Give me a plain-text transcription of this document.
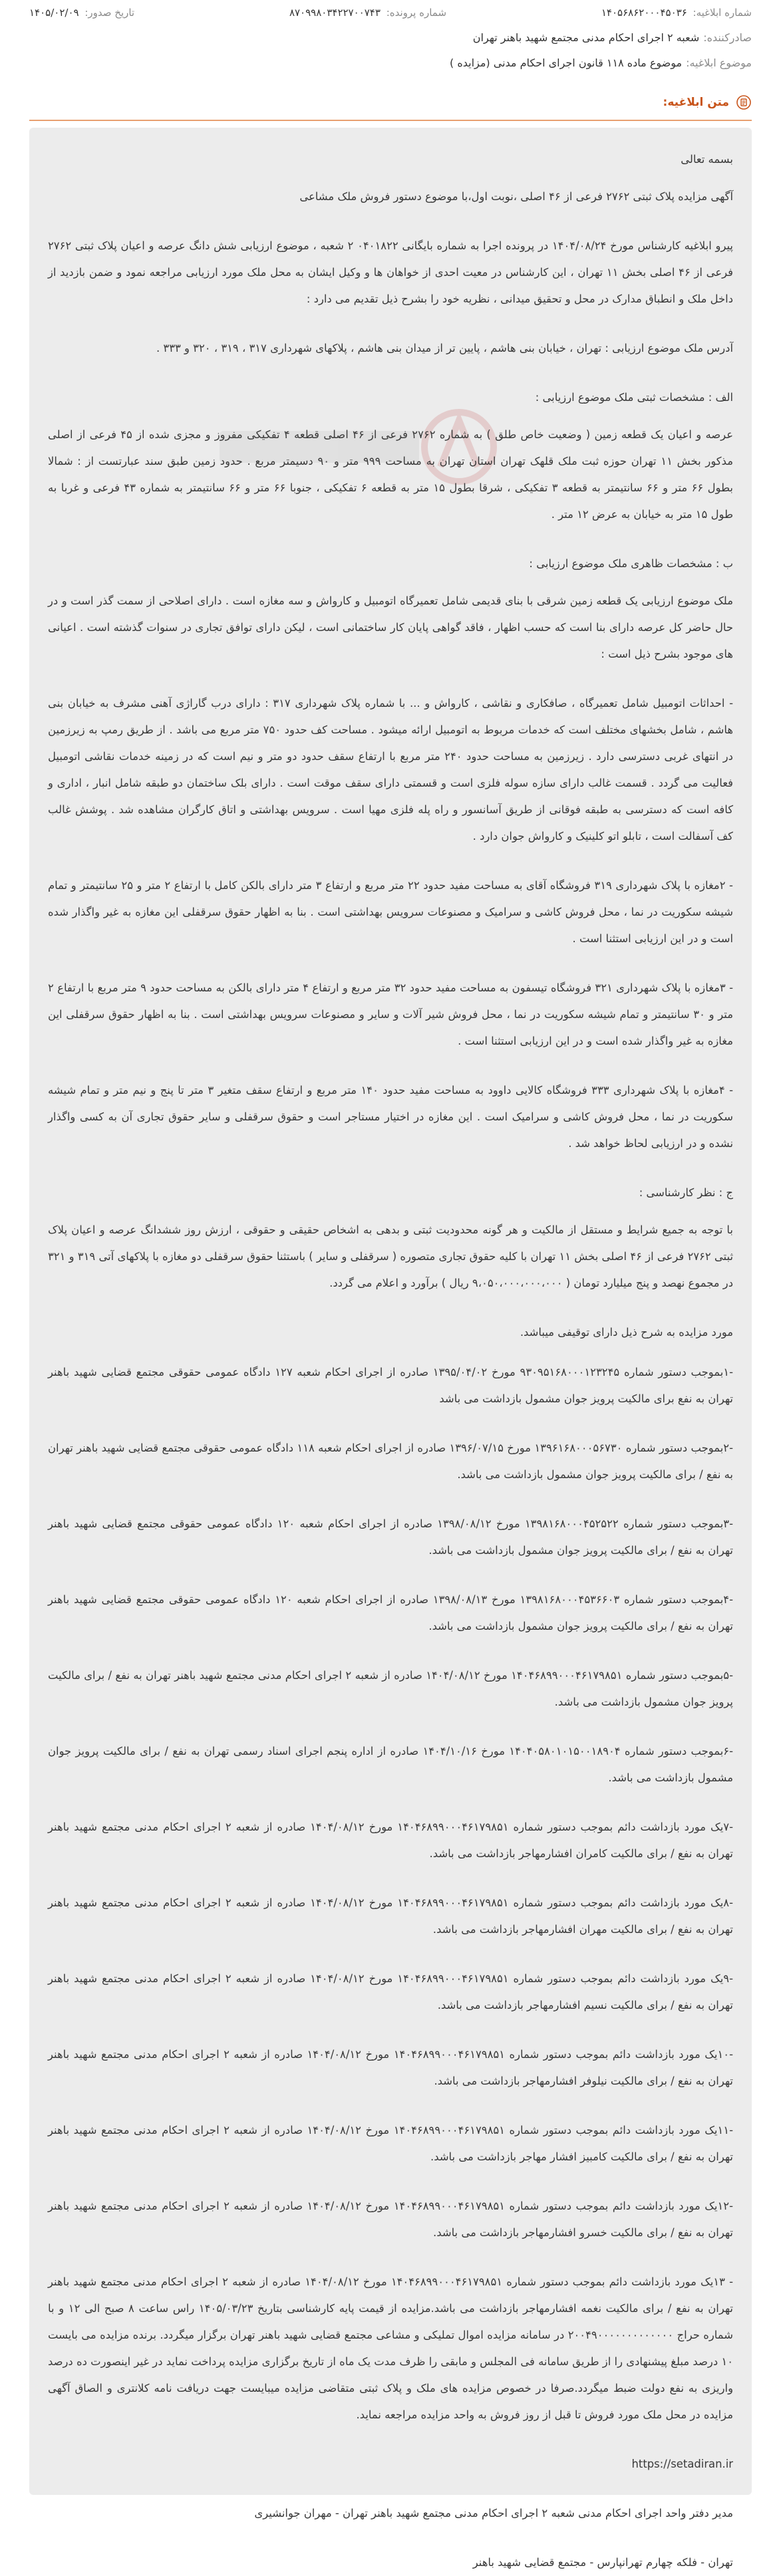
شماره ابلاغیه: ۱۴۰۵۶۸۶۲۰۰۰۴۵۰۳۶
شماره پرونده: ۸۷۰۹۹۸۰۳۴۲۲۷۰۰۷۴۳
تاریخ صدور: ۱۴۰۵/۰۲/۰۹
صادرکننده:
شعبه ۲ اجرای احکام مدنی مجتمع شهید باهنر تهران
موضوع ابلاغیه:
موضوع ماده ۱۱۸ قانون اجرای احکام مدنی (مزایده )
متن ابلاغیه:

بسمه تعالی

آگهی مزایده پلاک ثبتی ۲۷۶۲ فرعی از ۴۶ اصلی ،نوبت اول،با موضوع دستور فروش ملک مشاعی

پیرو ابلاغیه کارشناس مورخ ۱۴۰۴/۰۸/۲۴ در پرونده اجرا به شماره بایگانی ۰۴۰۱۸۲۲ ۲ شعبه ، موضوع ارزیابی شش دانگ عرصه و اعیان پلاک ثبتی ۲۷۶۲ فرعی از ۴۶ اصلی بخش ۱۱ تهران ، این کارشناس در معیت احدی از خواهان ها و وکیل ایشان به محل ملک مورد ارزیابی مراجعه نمود و ضمن بازدید از داخل ملک و انطباق مدارک در محل و تحقیق میدانی ، نظریه خود را بشرح ذیل تقدیم می دارد :

آدرس ملک موضوع ارزیابی : تهران ، خیابان بنی هاشم ، پایین تر از میدان بنی هاشم ، پلاکهای شهرداری ۳۱۷ ، ۳۱۹ ، ۳۲۰ و ۳۳۳ .

الف : مشخصات ثبتی ملک موضوع ارزیابی :

عرصه و اعیان یک قطعه زمین ( وضعیت خاص طلق ) به شماره ۲۷۶۲ فرعی از ۴۶ اصلی قطعه ۴ تفکیکی مفروز و مجزی شده از ۴۵ فرعی از اصلی مذکور بخش ۱۱ تهران حوزه ثبت ملک قلهک تهران استان تهران به مساحت ۹۹۹ متر و ۹۰ دسیمتر مربع . حدود زمین طبق سند عبارتست از : شمالا بطول ۶۶ متر و ۶۶ سانتیمتر به قطعه ۳ تفکیکی ، شرقا بطول ۱۵ متر به قطعه ۶ تفکیکی ، جنوبا ۶۶ متر و ۶۶ سانتیمتر به شماره ۴۳ فرعی و غربا به طول ۱۵ متر به خیابان به عرض ۱۲ متر .

ب : مشخصات ظاهری ملک موضوع ارزیابی :

ملک موضوع ارزیابی یک قطعه زمین شرقی با بنای قدیمی شامل تعمیرگاه اتومبیل و کارواش و سه مغازه است . دارای اصلاحی از سمت گذر است و در حال حاضر کل عرصه دارای بنا است که حسب اظهار ، فاقد گواهی پایان کار ساختمانی است ، لیکن دارای توافق تجاری در سنوات گذشته است . اعیانی های موجود بشرح ذیل است :

- احداثات اتومبیل شامل تعمیرگاه ، صافکاری و نقاشی ، کارواش و ... با شماره پلاک شهرداری ۳۱۷ : دارای درب گاراژی آهنی مشرف به خیابان بنی هاشم ، شامل بخشهای مختلف است که خدمات مربوط به اتومبیل ارائه میشود . مساحت کف حدود ۷۵۰ متر مربع می باشد . از طریق رمپ به زیرزمین در انتهای غربی دسترسی دارد . زیرزمین به مساحت حدود ۲۴۰ متر مربع با ارتفاع سقف حدود دو متر و نیم است که در زمینه خدمات نقاشی اتومبیل فعالیت می گردد . قسمت غالب دارای سازه سوله فلزی است و قسمتی دارای سقف موقت است . دارای بلک ساختمان دو طبقه شامل انبار ، اداری و کافه است که دسترسی به طبقه فوقانی از طریق آسانسور و راه پله فلزی مهیا است . سرویس بهداشتی و اتاق کارگران مشاهده شد . پوشش غالب کف آسفالت است ، تابلو اتو کلینیک و کارواش جوان دارد .

- ۲مغازه با پلاک شهرداری ۳۱۹ فروشگاه آقای به مساحت مفید حدود ۲۲ متر مربع و ارتفاع ۳ متر دارای بالکن کامل با ارتفاع ۲ متر و ۲۵ سانتیمتر و تمام شیشه سکوریت در نما ، محل فروش کاشی و سرامیک و مصنوعات سرویس بهداشتی است . بنا به اظهار حقوق سرقفلی این مغازه به غیر واگذار شده است و در این ارزیابی استثنا است .

- ۳مغازه با پلاک شهرداری ۳۲۱ فروشگاه تیسفون به مساحت مفید حدود ۳۲ متر مربع و ارتفاع ۴ متر دارای بالکن به مساحت حدود ۹ متر مربع با ارتفاع ۲ متر و ۳۰ سانتیمتر و تمام شیشه سکوریت در نما ، محل فروش شیر آلات و سایر و مصنوعات سرویس بهداشتی است . بنا به اظهار حقوق سرقفلی این مغازه به غیر واگذار شده است و در این ارزیابی استثنا است .

- ۴مغازه با پلاک شهرداری ۳۳۳ فروشگاه کالایی داوود به مساحت مفید حدود ۱۴۰ متر مربع و ارتفاع سقف متغیر ۳ متر تا پنج و نیم متر و تمام شیشه سکوریت در نما ، محل فروش کاشی و سرامیک است . این مغازه در اختیار مستاجر است و حقوق سرقفلی و سایر حقوق تجاری آن به کسی واگذار نشده و در ارزیابی لحاظ خواهد شد .

ج : نظر کارشناسی :

با توجه به جمیع شرایط و مستقل از مالکیت و هر گونه محدودیت ثبتی و بدهی به اشخاص حقیقی و حقوقی ، ارزش روز ششدانگ عرصه و اعیان پلاک ثبتی ۲۷۶۲ فرعی از ۴۶ اصلی بخش ۱۱ تهران با کلیه حقوق تجاری متصوره ( سرقفلی و سایر ) باستثنا حقوق سرقفلی دو مغازه با پلاکهای آتی ۳۱۹ و ۳۲۱ در مجموع نهصد و پنج میلیارد تومان ( ۹،۰۵۰،۰۰۰،۰۰۰،۰۰۰ ریال ) برآورد و اعلام می گردد.

مورد مزایده به شرح ذیل دارای توقیفی میباشد.

-۱بموجب دستور شماره ۹۳۰۹۵۱۶۸۰۰۰۱۲۳۲۴۵ مورخ ۱۳۹۵/۰۴/۰۲ صادره از اجرای احکام شعبه ۱۲۷ دادگاه عمومی حقوقی مجتمع قضایی شهید باهنر تهران به نفع برای مالکیت پرویز جوان مشمول بازداشت می باشد

-۲بموجب دستور شماره ۱۳۹۶۱۶۸۰۰۰۵۶۷۳۰ مورخ ۱۳۹۶/۰۷/۱۵ صادره از اجرای احکام شعبه ۱۱۸ دادگاه عمومی حقوقی مجتمع قضایی شهید باهنر تهران به نفع / برای مالکیت پرویز جوان مشمول بازداشت می باشد.

-۳بموجب دستور شماره ۱۳۹۸۱۶۸۰۰۰۴۵۲۵۲۲ مورخ ۱۳۹۸/۰۸/۱۲ صادره از اجرای احکام شعبه ۱۲۰ دادگاه عمومی حقوقی مجتمع قضایی شهید باهنر تهران به نفع / برای مالکیت پرویز جوان مشمول بازداشت می باشد.

-۴بموجب دستور شماره ۱۳۹۸۱۶۸۰۰۰۴۵۳۶۶۰۳ مورخ ۱۳۹۸/۰۸/۱۳ صادره از اجرای احکام شعبه ۱۲۰ دادگاه عمومی حقوقی مجتمع قضایی شهید باهنر تهران به نفع / برای مالکیت پرویز جوان مشمول بازداشت می باشد.

-۵بموجب دستور شماره ۱۴۰۴۶۸۹۹۰۰۰۴۶۱۷۹۸۵۱ مورخ ۱۴۰۴/۰۸/۱۲ صادره از شعبه ۲ اجرای احکام مدنی مجتمع شهید باهنر تهران به نفع / برای مالکیت پرویز جوان مشمول بازداشت می باشد.

-۶بموجب دستور شماره ۱۴۰۴۰۵۸۰۱۰۱۵۰۰۱۸۹۰۴ مورخ ۱۴۰۴/۱۰/۱۶ صادره از اداره پنجم اجرای اسناد رسمی تهران به نفع / برای مالکیت پرویز جوان مشمول بازداشت می باشد.

-۷یک مورد بازداشت دائم بموجب دستور شماره ۱۴۰۴۶۸۹۹۰۰۰۴۶۱۷۹۸۵۱ مورخ ۱۴۰۴/۰۸/۱۲ صادره از شعبه ۲ اجرای احکام مدنی مجتمع شهید باهنر تهران به نفع / برای مالکیت کامران افشارمهاجر بازداشت می باشد.

-۸یک مورد بازداشت دائم بموجب دستور شماره ۱۴۰۴۶۸۹۹۰۰۰۴۶۱۷۹۸۵۱ مورخ ۱۴۰۴/۰۸/۱۲ صادره از شعبه ۲ اجرای احکام مدنی مجتمع شهید باهنر تهران به نفع / برای مالکیت مهران افشارمهاجر بازداشت می باشد.

-۹یک مورد بازداشت دائم بموجب دستور شماره ۱۴۰۴۶۸۹۹۰۰۰۴۶۱۷۹۸۵۱ مورخ ۱۴۰۴/۰۸/۱۲ صادره از شعبه ۲ اجرای احکام مدنی مجتمع شهید باهنر تهران به نفع / برای مالکیت نسیم افشارمهاجر بازداشت می باشد.

-۱۰یک مورد بازداشت دائم بموجب دستور شماره ۱۴۰۴۶۸۹۹۰۰۰۴۶۱۷۹۸۵۱ مورخ ۱۴۰۴/۰۸/۱۲ صادره از شعبه ۲ اجرای احکام مدنی مجتمع شهید باهنر تهران به نفع / برای مالکیت نیلوفر افشارمهاجر بازداشت می باشد.

-۱۱یک مورد بازداشت دائم بموجب دستور شماره ۱۴۰۴۶۸۹۹۰۰۰۴۶۱۷۹۸۵۱ مورخ ۱۴۰۴/۰۸/۱۲ صادره از شعبه ۲ اجرای احکام مدنی مجتمع شهید باهنر تهران به نفع / برای مالکیت کامبیز افشار مهاجر بازداشت می باشد.

-۱۲یک مورد بازداشت دائم بموجب دستور شماره ۱۴۰۴۶۸۹۹۰۰۰۴۶۱۷۹۸۵۱ مورخ ۱۴۰۴/۰۸/۱۲ صادره از شعبه ۲ اجرای احکام مدنی مجتمع شهید باهنر تهران به نفع / برای مالکیت خسرو افشارمهاجر بازداشت می باشد.

- ۱۳یک مورد بازداشت دائم بموجب دستور شماره ۱۴۰۴۶۸۹۹۰۰۰۴۶۱۷۹۸۵۱ مورخ ۱۴۰۴/۰۸/۱۲ صادره از شعبه ۲ اجرای احکام مدنی مجتمع شهید باهنر تهران به نفع / برای مالکیت نغمه افشارمهاجر بازداشت می باشد.مزایده از قیمت پایه کارشناسی بتاریخ ۱۴۰۵/۰۳/۲۳ راس ساعت ۸ صبح الی ۱۲ و با شماره حراج ۲۰۰۴۹۰۰۰۰۰۰۰۰۰۰۰۰۰ در سامانه مزایده اموال تملیکی و مشاعی مجتمع قضایی شهید باهنر تهران برگزار میگردد. برنده مزایده می بایست ۱۰ درصد مبلغ پیشنهادی را از طریق سامانه فی المجلس و مابقی را ظرف مدت یک ماه از تاریخ برگزاری مزایده پرداخت نماید در غیر اینصورت ده درصد واریزی به نفع دولت ضبط میگردد.صرفا در خصوص مزایده های ملک و پلاک ثبتی متقاضی مزایده میبایست جهت دریافت نامه کلانتری و الصاق آگهی مزایده در محل ملک مورد فروش تا قبل از روز فروش به واحد مزایده مراجعه نماید.

https://setadiran.ir

مدیر دفتر واحد اجرای احکام مدنی شعبه ۲ اجرای احکام مدنی مجتمع شهید باهنر تهران - مهران جوانشیری

تهران - فلکه چهارم تهرانپارس - مجتمع قضایی شهید باهنر
